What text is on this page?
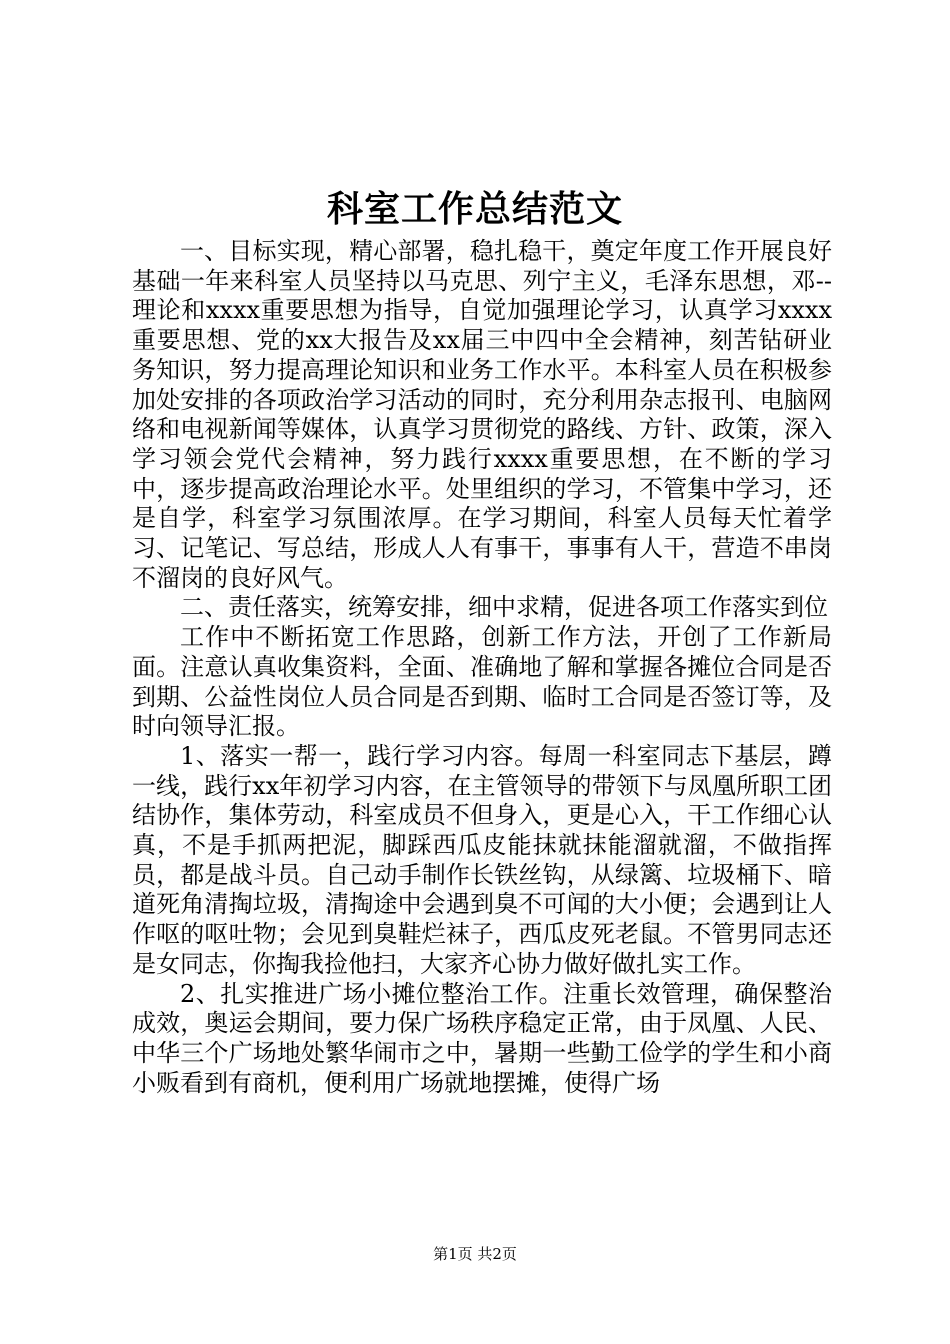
科室工作总结范文

一、目标实现，精心部署，稳扎稳干，奠定年度工作开展良好基础一年来科室人员坚持以马克思、列宁主义，毛泽东思想，邓--理论和xxxx重要思想为指导，自觉加强理论学习，认真学习xxxx重要思想、党的xx大报告及xx届三中四中全会精神，刻苦钻研业务知识，努力提高理论知识和业务工作水平。本科室人员在积极参加处安排的各项政治学习活动的同时，充分利用杂志报刊、电脑网络和电视新闻等媒体，认真学习贯彻党的路线、方针、政策，深入学习领会党代会精神，努力践行xxxx重要思想，在不断的学习中，逐步提高政治理论水平。处里组织的学习，不管集中学习，还是自学，科室学习氛围浓厚。在学习期间，科室人员每天忙着学习、记笔记、写总结，形成人人有事干，事事有人干，营造不串岗不溜岗的良好风气。

二、责任落实，统筹安排，细中求精，促进各项工作落实到位

工作中不断拓宽工作思路，创新工作方法，开创了工作新局面。注意认真收集资料，全面、准确地了解和掌握各摊位合同是否到期、公益性岗位人员合同是否到期、临时工合同是否签订等，及时向领导汇报。

1、落实一帮一，践行学习内容。每周一科室同志下基层，蹲一线，践行xx年初学习内容，在主管领导的带领下与凤凰所职工团结协作，集体劳动，科室成员不但身入，更是心入，干工作细心认真，不是手抓两把泥，脚踩西瓜皮能抹就抹能溜就溜，不做指挥员，都是战斗员。自己动手制作长铁丝钩，从绿篱、垃圾桶下、暗道死角清掏垃圾，清掏途中会遇到臭不可闻的大小便；会遇到让人作呕的呕吐物；会见到臭鞋烂袜子，西瓜皮死老鼠。不管男同志还是女同志，你掏我捡他扫，大家齐心协力做好做扎实工作。

2、扎实推进广场小摊位整治工作。注重长效管理，确保整治成效，奥运会期间，要力保广场秩序稳定正常，由于凤凰、人民、中华三个广场地处繁华闹市之中，暑期一些勤工俭学的学生和小商小贩看到有商机，便利用广场就地摆摊，使得广场

第1页 共2页
